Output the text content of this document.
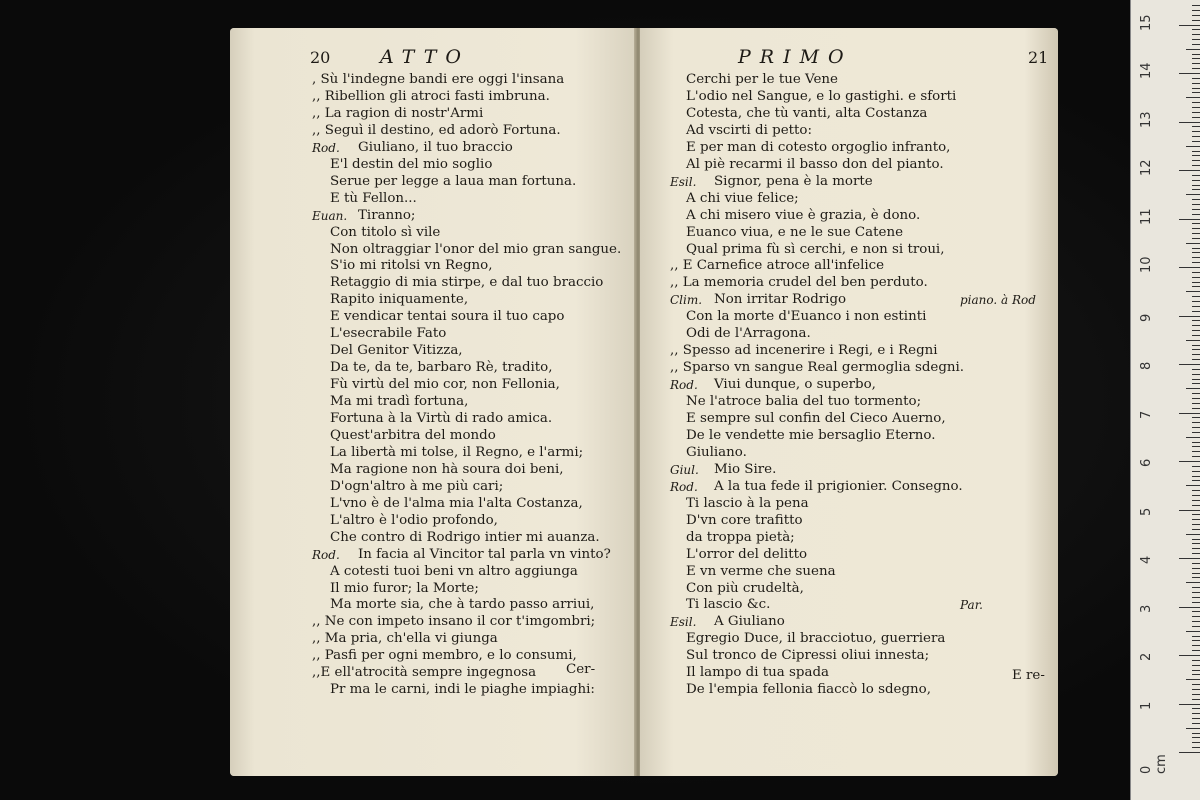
20	ATTO
, Sù l'indegne bandi ere oggi l'insana
,, Ribellion gli atroci fasti imbruna.
,, La ragion di nostr'Armi
,, Seguì il destino, ed adorò Fortuna.
Rod. Giuliano, il tuo braccio
E'l destin del mio soglio
Serue per legge a laua man fortuna.
E tù Fellon...
Euan. Tiranno;
Con titolo sì vile
Non oltraggiar l'onor del mio gran sangue.
S'io mi ritolsi vn Regno,
Retaggio di mia stirpe, e dal tuo braccio
Rapito iniquamente,
E vendicar tentai soura il tuo capo
L'esecrabile Fato
Del Genitor Vitizza,
Da te, da te, barbaro Rè, tradito,
Fù virtù del mio cor, non Fellonia,
Ma mi tradì fortuna,
Fortuna à la Virtù di rado amica.
Quest'arbitra del mondo
La libertà mi tolse, il Regno, e l'armi;
Ma ragione non hà soura doi beni,
D'ogn'altro à me più cari;
L'vno è de l'alma mia l'alta Costanza,
L'altro è l'odio profondo,
Che contro di Rodrigo intier mi auanza.
Rod. In facia al Vincitor tal parla vn vinto?
A cotesti tuoi beni vn altro aggiunga
Il mio furor; la Morte;
Ma morte sia, che à tardo passo arriui,
,, Ne con impeto insano il cor t'imgombri;
,, Ma pria, ch'ella vi giunga
,, Pasfi per ogni membro, e lo consumi,
,,E ell'atrocità sempre ingegnosa
Pr ma le carni, indi le piaghe impiaghi:
Cer-
PRIMO	21
Cerchi per le tue Vene
L'odio nel Sangue, e lo gastighi. e sforti
Cotesta, che tù vanti, alta Costanza
Ad vscirti di petto:
E per man di cotesto orgoglio infranto,
Al piè recarmi il basso don del pianto.
Esil. Signor, pena è la morte
A chi viue felice;
A chi misero viue è grazia, è dono.
Euanco viua, e ne le sue Catene
Qual prima fù sì cerchi, e non si troui,
,, E Carnefice atroce all'infelice
,, La memoria crudel del ben perduto.
Clim. Non irritar Rodrigo	piano. à Rod
Con la morte d'Euanco i non estinti
Odi de l'Arragona.
,, Spesso ad incenerire i Regi, e i Regni
,, Sparso vn sangue Real germoglia sdegni.
Rod. Viui dunque, o superbo,
Ne l'atroce balia del tuo tormento;
E sempre sul confin del Cieco Auerno,
De le vendette mie bersaglio Eterno.
Giuliano.
Giul. Mio Sire.
Rod. A la tua fede il prigionier. Consegno.
Ti lascio à la pena
D'vn core trafitto
da troppa pietà;
L'orror del delitto
E vn verme che suena
Con più crudeltà,
Ti lascio &c.	Par.
Esil. A Giuliano
Egregio Duce, il bracciotuo, guerriera
Sul tronco de Cipressi oliui innesta;
Il lampo di tua spada
De l'empia fellonia fiaccò lo sdegno,
E re-
0 cm
1
2
3
4
5
6
7
8
9
10
11
12
13
14
15
